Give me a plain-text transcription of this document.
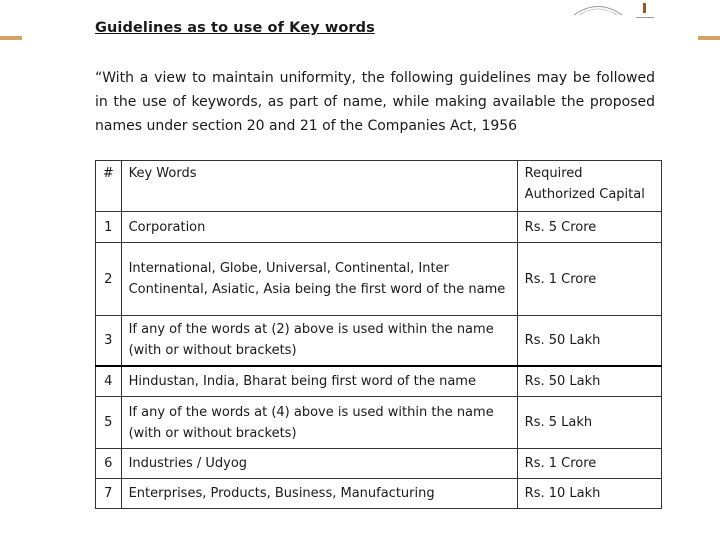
Guidelines as to use of Key words

“With a view to maintain uniformity, the following guidelines may be followed in the use of keywords, as part of name, while making available the proposed names under section 20 and 21 of the Companies Act, 1956

#	Key Words	Required Authorized Capital
1	Corporation	Rs. 5 Crore
2	International, Globe, Universal, Continental, Inter Continental, Asiatic, Asia being the first word of the name	Rs. 1 Crore
3	If any of the words at (2) above is used within the name (with or without brackets)	Rs. 50 Lakh
4	Hindustan, India, Bharat being first word of the name	Rs. 50 Lakh
5	If any of the words at (4) above is used within the name (with or without brackets)	Rs. 5 Lakh
6	Industries / Udyog	Rs. 1 Crore
7	Enterprises, Products, Business, Manufacturing	Rs. 10 Lakh
